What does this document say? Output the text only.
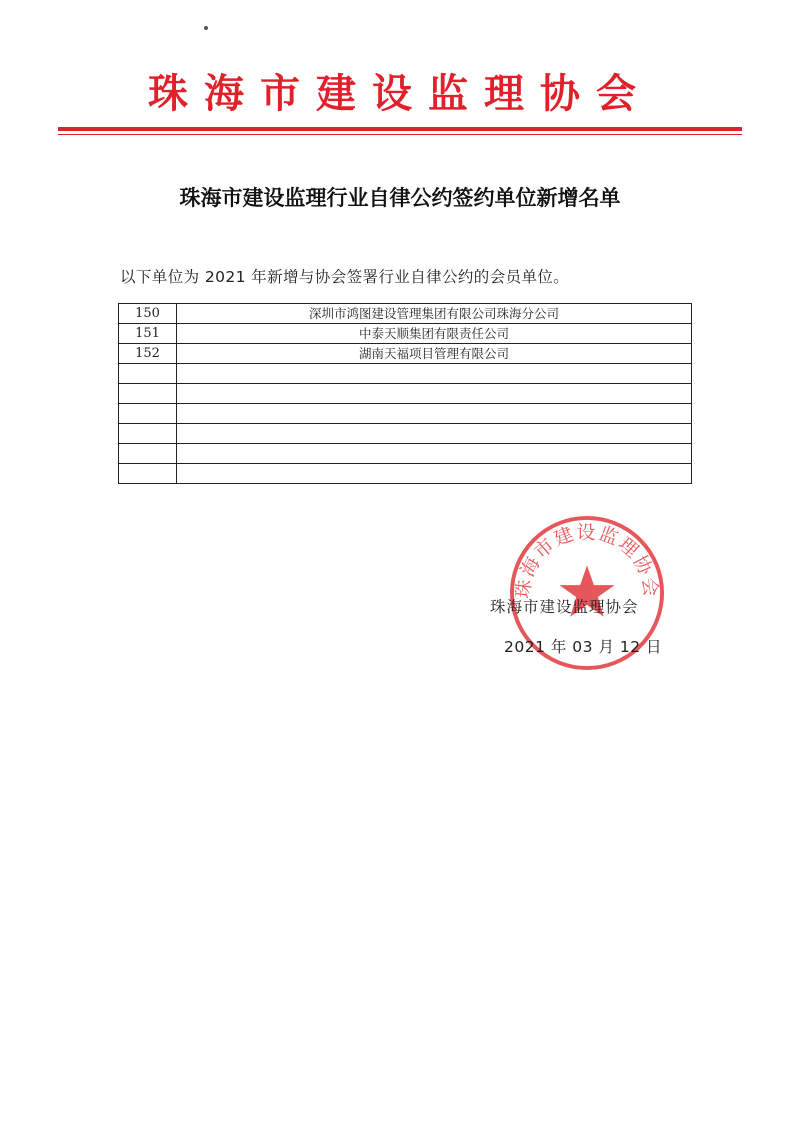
珠海市建设监理协会
珠海市建设监理行业自律公约签约单位新增名单
以下单位为 2021 年新增与协会签署行业自律公约的会员单位。
150	深圳市鸿图建设管理集团有限公司珠海分公司
151	中泰天顺集团有限责任公司
152	湖南天福项目管理有限公司

珠海市建设监理协会
珠海市建设监理协会
2021 年 03 月 12 日
